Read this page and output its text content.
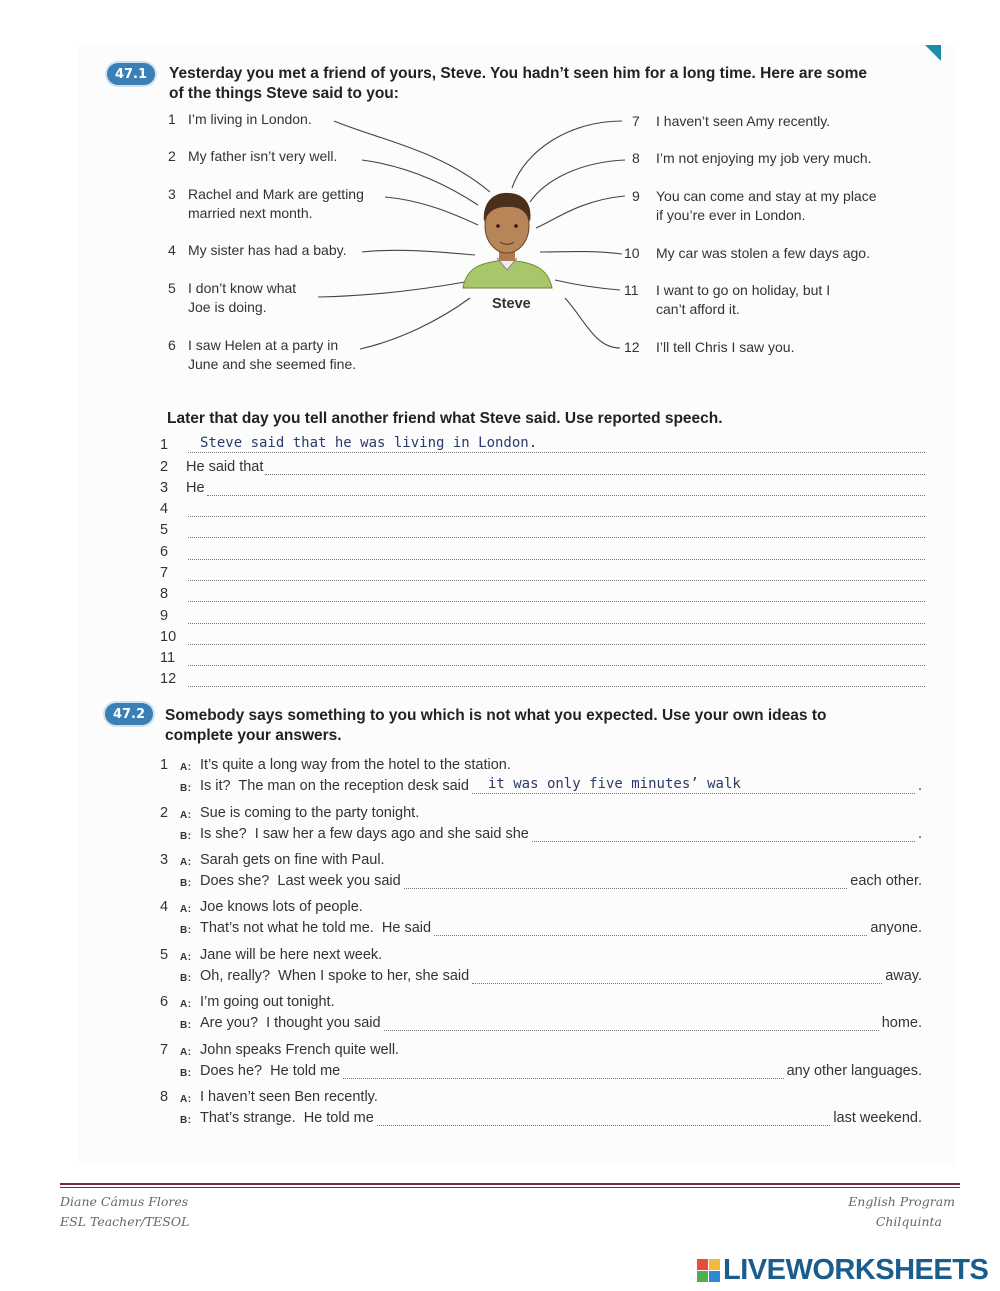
47.1	Yesterday you met a friend of yours, Steve. You hadn’t seen him for a long time. Here are some
of the things Steve said to you:
1 I’m living in London.
2 My father isn’t very well.
3 Rachel and Mark are getting
married next month.
4 My sister has had a baby.
5 I don’t know what
Joe is doing.
6 I saw Helen at a party in
June and she seemed fine.
7 I haven’t seen Amy recently.
8 I’m not enjoying my job very much.
9 You can come and stay at my place
if you’re ever in London.
10 My car was stolen a few days ago.
11 I want to go on holiday, but I
can’t afford it.
12 I’ll tell Chris I saw you.
Steve
Later that day you tell another friend what Steve said. Use reported speech.
1	Steve said that he was living in London.
2	He said that
3	He
4
5
6
7
8
9
10
11
12
47.2	Somebody says something to you which is not what you expected. Use your own ideas to
complete your answers.
1	A: It’s quite a long way from the hotel to the station.
B: Is it?  The man on the reception desk said it was only five minutes’ walk	.
2	A: Sue is coming to the party tonight.
B: Is she?  I saw her a few days ago and she said she	.
3	A: Sarah gets on fine with Paul.
B: Does she?  Last week you said	each other.
4	A: Joe knows lots of people.
B: That’s not what he told me.  He said	anyone.
5	A: Jane will be here next week.
B: Oh, really?  When I spoke to her, she said	away.
6	A: I’m going out tonight.
B: Are you?  I thought you said	home.
7	A: John speaks French quite well.
B: Does he?  He told me	any other languages.
8	A: I haven’t seen Ben recently.
B: That’s strange.  He told me	last weekend.
Diane Cámus Flores
ESL Teacher/TESOL
English Program
Chilquinta
LIVEWORKSHEETS
